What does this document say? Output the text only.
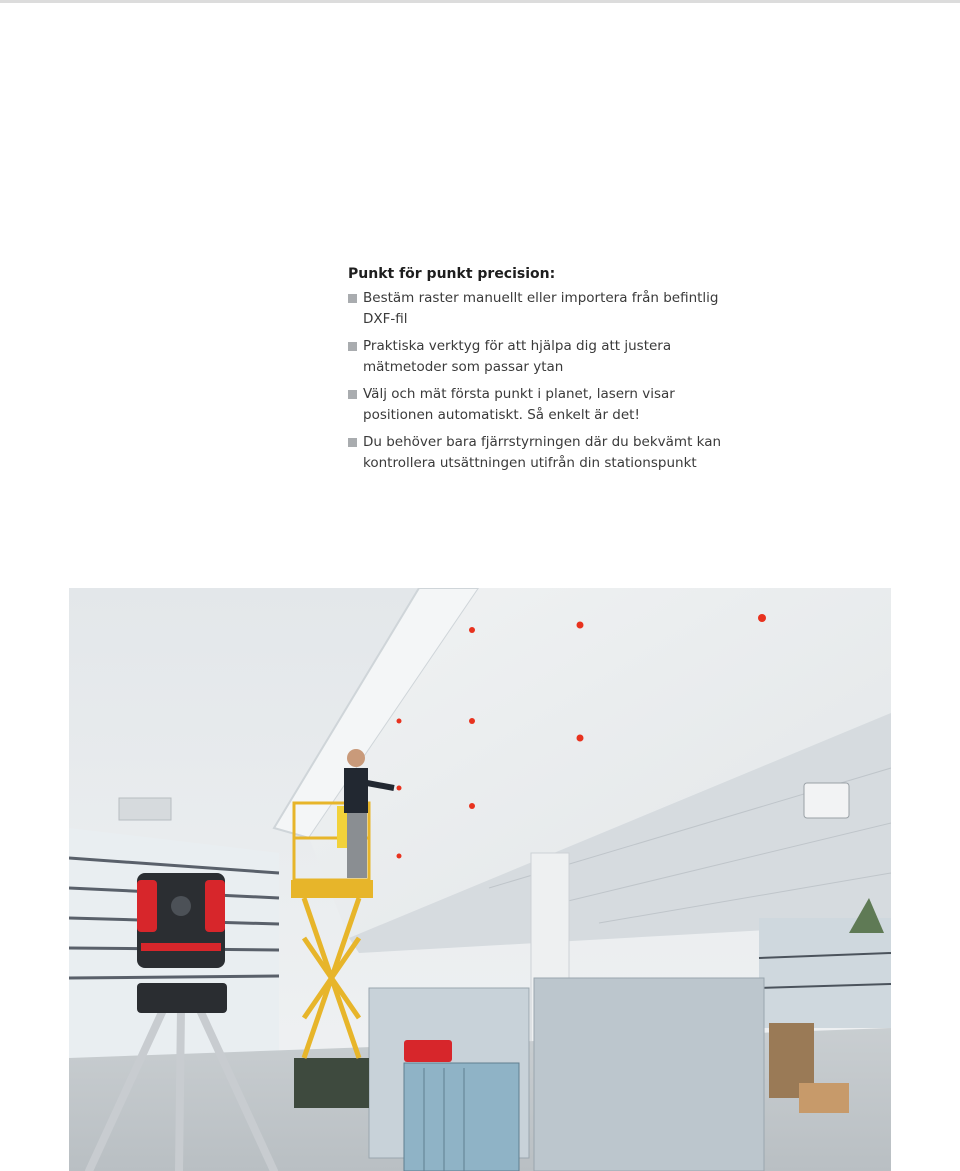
Punkt för punkt precision:
Bestäm raster manuellt eller importera från befintlig DXF-fil
Praktiska verktyg för att hjälpa dig att justera mätmetoder som passar ytan
Välj och mät första punkt i planet, lasern visar positionen automatiskt. Så enkelt är det!
Du behöver bara fjärrstyrningen där du bekvämt kan kontrollera utsättningen utifrån din stationspunkt
